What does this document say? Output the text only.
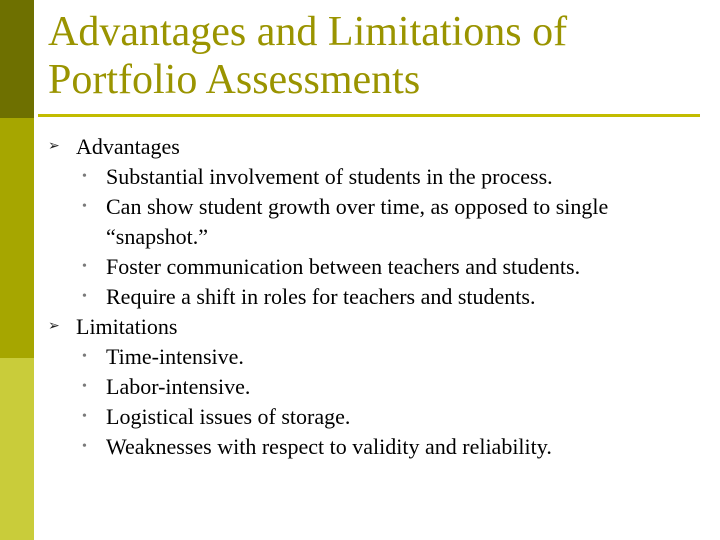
Advantages and Limitations of
Portfolio Assessments
➢ Advantages
• Substantial involvement of students in the process.
• Can show student growth over time, as opposed to single “snapshot.”
• Foster communication between teachers and students.
• Require a shift in roles for teachers and students.
➢ Limitations
• Time-intensive.
• Labor-intensive.
• Logistical issues of storage.
• Weaknesses with respect to validity and reliability.
